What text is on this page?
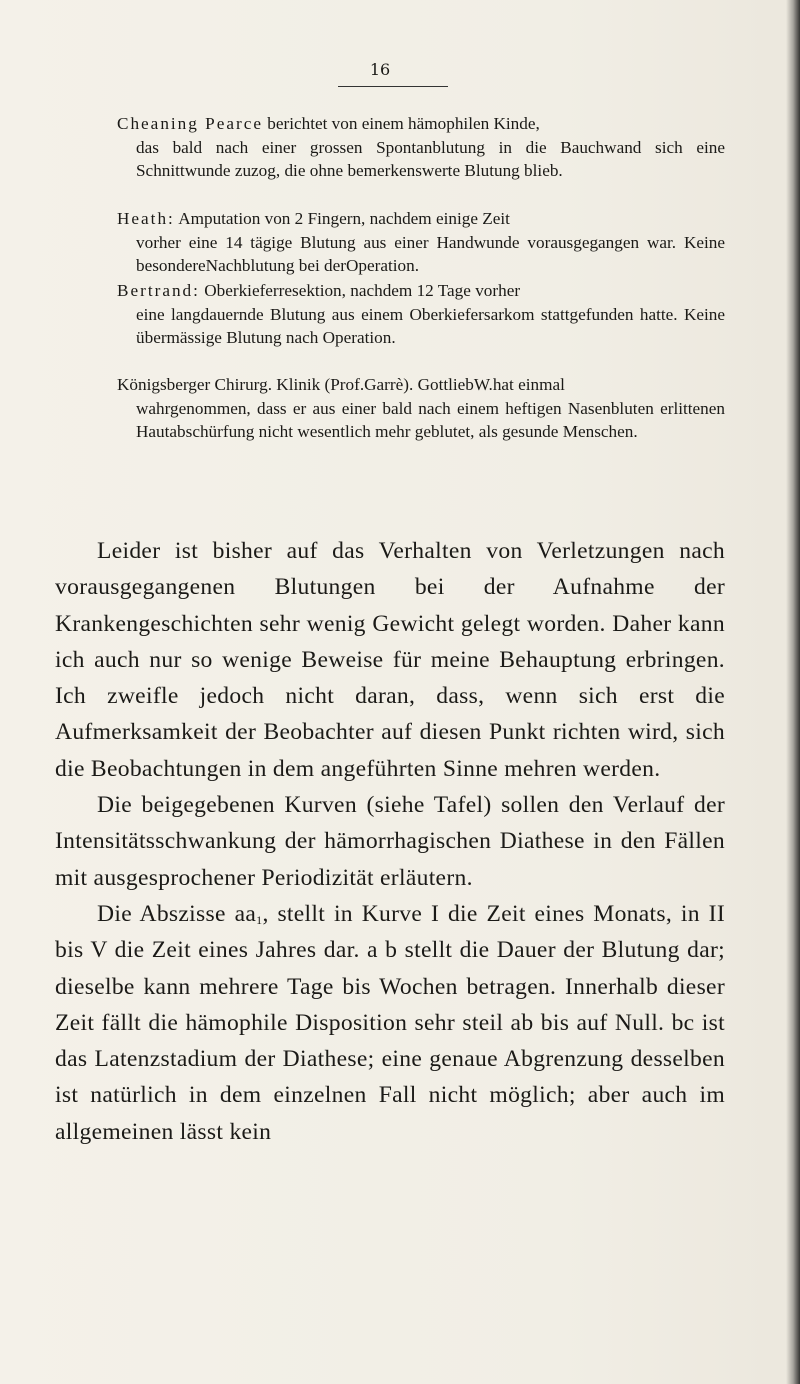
16
Cheaning Pearce berichtet von einem hämophilen Kinde,
das bald nach einer grossen Spontanblutung in die Bauchwand sich eine Schnittwunde zuzog, die ohne bemerkenswerte Blutung blieb.
Heath: Amputation von 2 Fingern, nachdem einige Zeit
vorher eine 14 tägige Blutung aus einer Handwunde vorausgegangen war. Keine besondereNachblutung bei derOperation.
Bertrand: Oberkieferresektion, nachdem 12 Tage vorher
eine langdauernde Blutung aus einem Oberkiefersarkom stattgefunden hatte. Keine übermässige Blutung nach Operation.
Königsberger Chirurg. Klinik (Prof.Garrè). GottliebW.hat einmal
wahrgenommen, dass er aus einer bald nach einem heftigen Nasenbluten erlittenen Hautabschürfung nicht wesentlich mehr geblutet, als gesunde Menschen.

Leider ist bisher auf das Verhalten von Verletzungen nach vorausgegangenen Blutungen bei der Aufnahme der Krankengeschichten sehr wenig Gewicht gelegt worden. Daher kann ich auch nur so wenige Beweise für meine Behauptung erbringen. Ich zweifle jedoch nicht daran, dass, wenn sich erst die Aufmerksamkeit der Beobachter auf diesen Punkt richten wird, sich die Beobachtungen in dem angeführten Sinne mehren werden.

Die beigegebenen Kurven (siehe Tafel) sollen den Verlauf der Intensitätsschwankung der hämorrhagischen Diathese in den Fällen mit ausgesprochener Periodizität erläutern.

Die Abszisse $aa_1$, stellt in Kurve I die Zeit eines Monats, in II bis V die Zeit eines Jahres dar. a b stellt die Dauer der Blutung dar; dieselbe kann mehrere Tage bis Wochen betragen. Innerhalb dieser Zeit fällt die hämophile Disposition sehr steil ab bis auf Null. bc ist das Latenzstadium der Diathese; eine genaue Abgrenzung desselben ist natürlich in dem einzelnen Fall nicht möglich; aber auch im allgemeinen lässt kein
